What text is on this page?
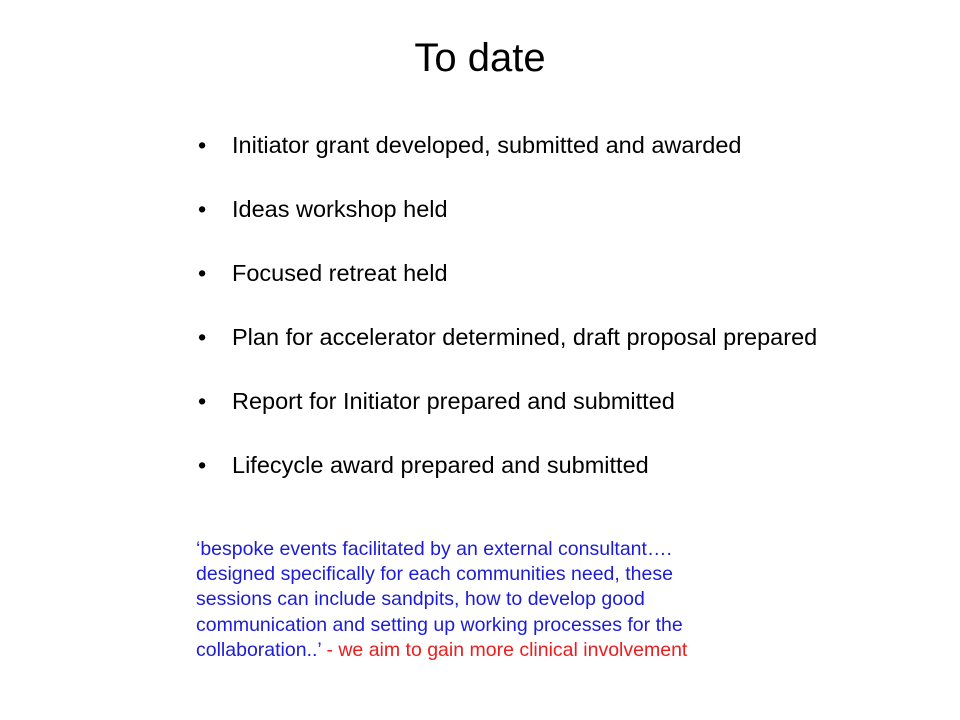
To date
• Initiator grant developed, submitted and awarded
• Ideas workshop held
• Focused retreat held
• Plan for accelerator determined, draft proposal prepared
• Report for Initiator prepared and submitted
• Lifecycle award prepared and submitted
‘bespoke events facilitated by an external consultant….
designed specifically for each communities need, these
sessions can include sandpits, how to develop good
communication and setting up working processes for the
collaboration..’ - we aim to gain more clinical involvement
